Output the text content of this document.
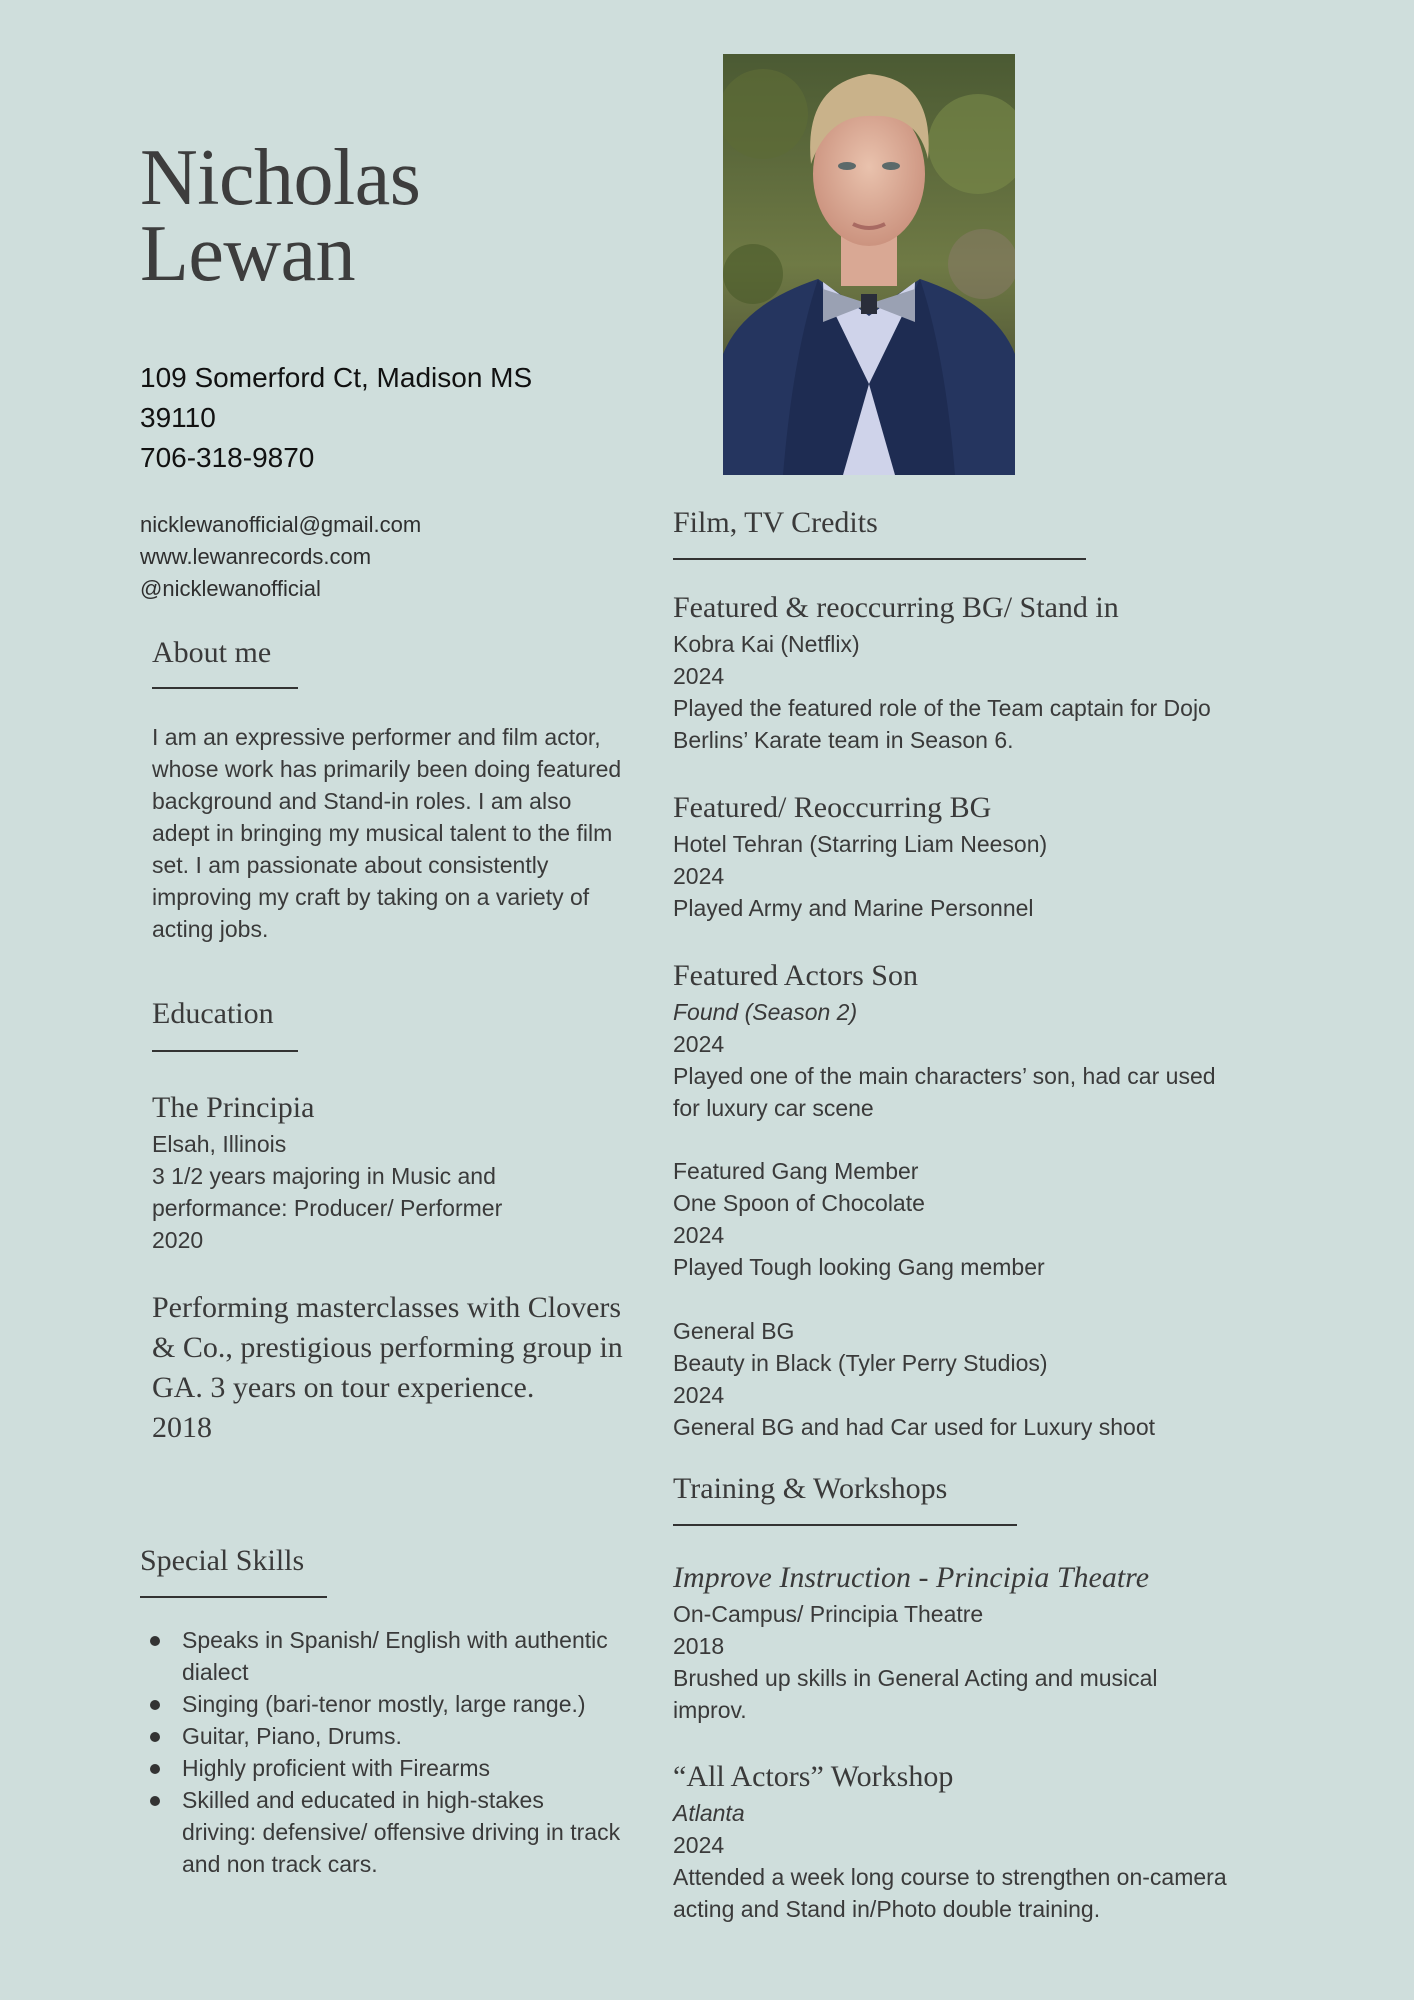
Nicholas
Lewan
109 Somerford Ct, Madison MS
39110
706-318-9870
nicklewanofficial@gmail.com
www.lewanrecords.com
@nicklewanofficial
About me

I am an expressive performer and film actor, whose work has primarily been doing featured background and Stand-in roles. I am also adept in bringing my musical talent to the film set. I am passionate about consistently improving my craft by taking on a variety of acting jobs.

Education
The Principia
Elsah, Illinois
3 1/2 years majoring in Music and performance: Producer/ Performer
2020
Performing masterclasses with Clovers & Co., prestigious performing group in GA. 3 years on tour experience.
2018
Special Skills
Speaks in Spanish/ English with authentic dialect
Singing (bari-tenor mostly, large range.)
Guitar, Piano, Drums.
Highly proficient with Firearms
Skilled and educated in high-stakes driving: defensive/ offensive driving in track and non track cars.
Film, TV Credits
Featured & reoccurring BG/ Stand in
Kobra Kai (Netflix)
2024
Played the featured role of the Team captain for Dojo Berlins’ Karate team in Season 6.
Featured/ Reoccurring BG
Hotel Tehran (Starring Liam Neeson)
2024
Played Army and Marine Personnel
Featured Actors Son
Found (Season 2)
2024
Played one of the main characters’ son, had car used for luxury car scene
Featured Gang Member
One Spoon of Chocolate
2024
Played Tough looking Gang member
General BG
Beauty in Black (Tyler Perry Studios)
2024
General BG and had Car used for Luxury shoot
Training & Workshops
Improve Instruction - Principia Theatre
On-Campus/ Principia Theatre
2018
Brushed up skills in General Acting and musical improv.
“All Actors” Workshop
Atlanta
2024
Attended a week long course to strengthen on-camera acting and Stand in/Photo double training.
